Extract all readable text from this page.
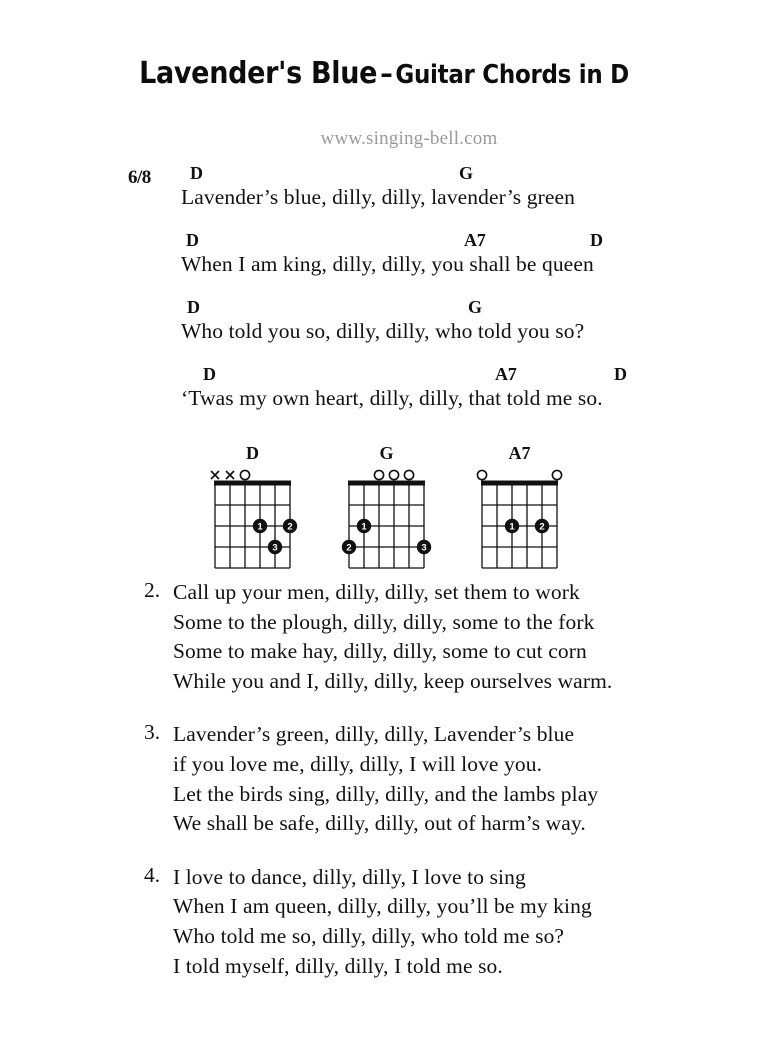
Lavender's Blue – Guitar Chords in D
www.singing-bell.com
6/8 D	G
Lavender’s blue, dilly, dilly, lavender’s green
D	A7	D
When I am king, dilly, dilly, you shall be queen
D	G
Who told you so, dilly, dilly, who told you so?
D	A7	D
‘Twas my own heart, dilly, dilly, that told me so.
D
1	2
3
G
1
2	3
A7
1	2
2. Call up your men, dilly, dilly, set them to work
Some to the plough, dilly, dilly, some to the fork
Some to make hay, dilly, dilly, some to cut corn
While you and I, dilly, dilly, keep ourselves warm.
3. Lavender’s green, dilly, dilly, Lavender’s blue
if you love me, dilly, dilly, I will love you.
Let the birds sing, dilly, dilly, and the lambs play
We shall be safe, dilly, dilly, out of harm’s way.
4. I love to dance, dilly, dilly, I love to sing
When I am queen, dilly, dilly, you’ll be my king
Who told me so, dilly, dilly, who told me so?
I told myself, dilly, dilly, I told me so.
